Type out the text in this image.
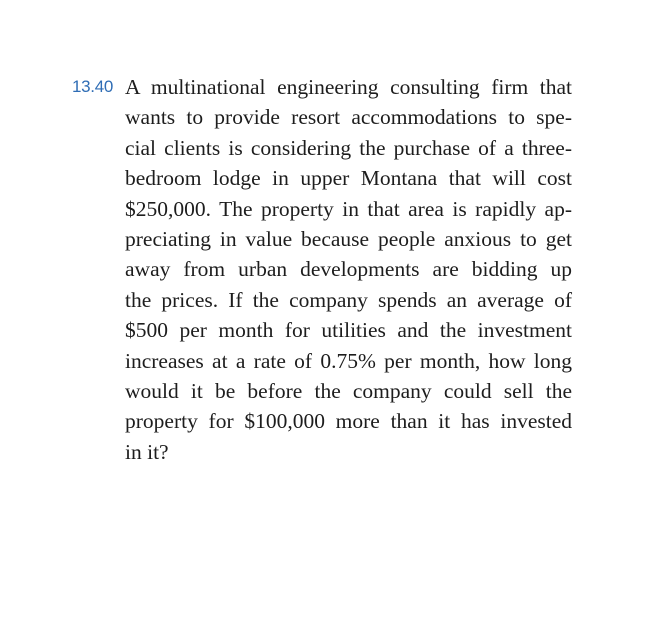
13.40 A multinational engineering consulting firm that
wants to provide resort accommodations to spe-
cial clients is considering the purchase of a three-
bedroom lodge in upper Montana that will cost
$250,000. The property in that area is rapidly ap-
preciating in value because people anxious to get
away from urban developments are bidding up
the prices. If the company spends an average of
$500 per month for utilities and the investment
increases at a rate of 0.75% per month, how long
would it be before the company could sell the
property for $100,000 more than it has invested
in it?
